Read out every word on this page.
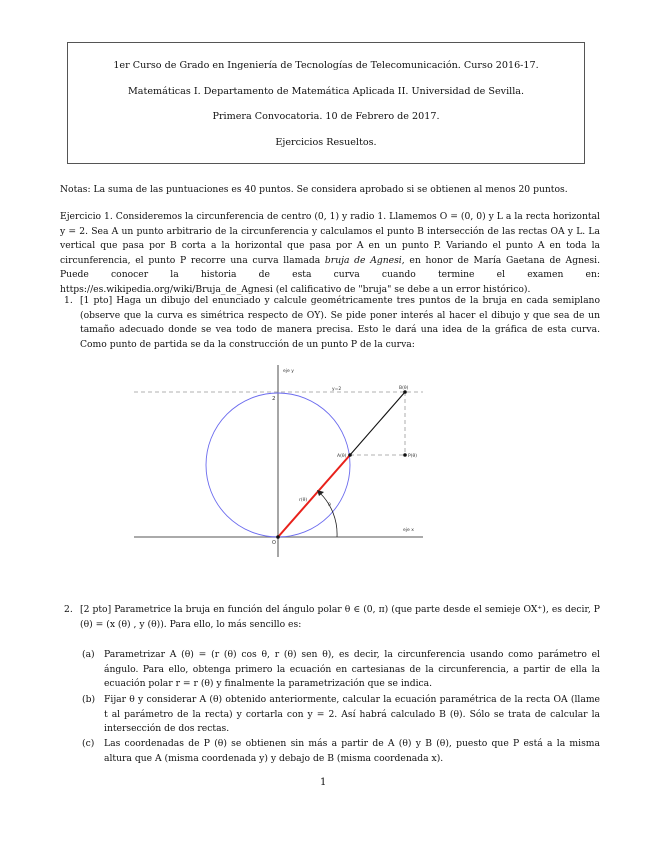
1er Curso de Grado en Ingeniería de Tecnologías de Telecomunicación. Curso 2016-17.
Matemáticas I. Departamento de Matemática Aplicada II. Universidad de Sevilla.
Primera Convocatoria. 10 de Febrero de 2017.
Ejercicios Resueltos.
Notas: La suma de las puntuaciones es 40 puntos. Se considera aprobado si se obtienen al menos 20 puntos.
Ejercicio 1. Consideremos la circunferencia de centro (0, 1) y radio 1. Llamemos O = (0, 0) y L a la recta horizontal y = 2. Sea A un punto arbitrario de la circunferencia y calculamos el punto B intersección de las rectas OA y L. La vertical que pasa por B corta a la horizontal que pasa por A en un punto P. Variando el punto A en toda la circunferencia, el punto P recorre una curva llamada bruja de Agnesi, en honor de María Gaetana de Agnesi. Puede conocer la historia de esta curva cuando termine el examen en: https://es.wikipedia.org/wiki/Bruja_de_Agnesi (el calificativo de "bruja" se debe a un error histórico).
1. [1 pto] Haga un dibujo del enunciado y calcule geométricamente tres puntos de la bruja en cada semiplano (observe que la curva es simétrica respecto de OY). Se pide poner interés al hacer el dibujo y que sea de un tamaño adecuado donde se vea todo de manera precisa. Esto le dará una idea de la gráfica de esta curva. Como punto de partida se da la construcción de un punto P de la curva:
eje y
eje x
2
y=2	B(θ)
A(θ)	P(θ)
r(θ)
θ
O
2. [2 pto] Parametrice la bruja en función del ángulo polar θ ∈ (0, π) (que parte desde el semieje OX⁺), es decir, P (θ) = (x (θ) , y (θ)). Para ello, lo más sencillo es:
(a) Parametrizar A (θ) = (r (θ) cos θ, r (θ) sen θ), es decir, la circunferencia usando como parámetro el ángulo. Para ello, obtenga primero la ecuación en cartesianas de la circunferencia, a partir de ella la ecuación polar r = r (θ) y finalmente la parametrización que se indica.
(b) Fijar θ y considerar A (θ) obtenido anteriormente, calcular la ecuación paramétrica de la recta OA (llame t al parámetro de la recta) y cortarla con y = 2. Así habrá calculado B (θ). Sólo se trata de calcular la intersección de dos rectas.
(c) Las coordenadas de P (θ) se obtienen sin más a partir de A (θ) y B (θ), puesto que P está a la misma altura que A (misma coordenada y) y debajo de B (misma coordenada x).
1
